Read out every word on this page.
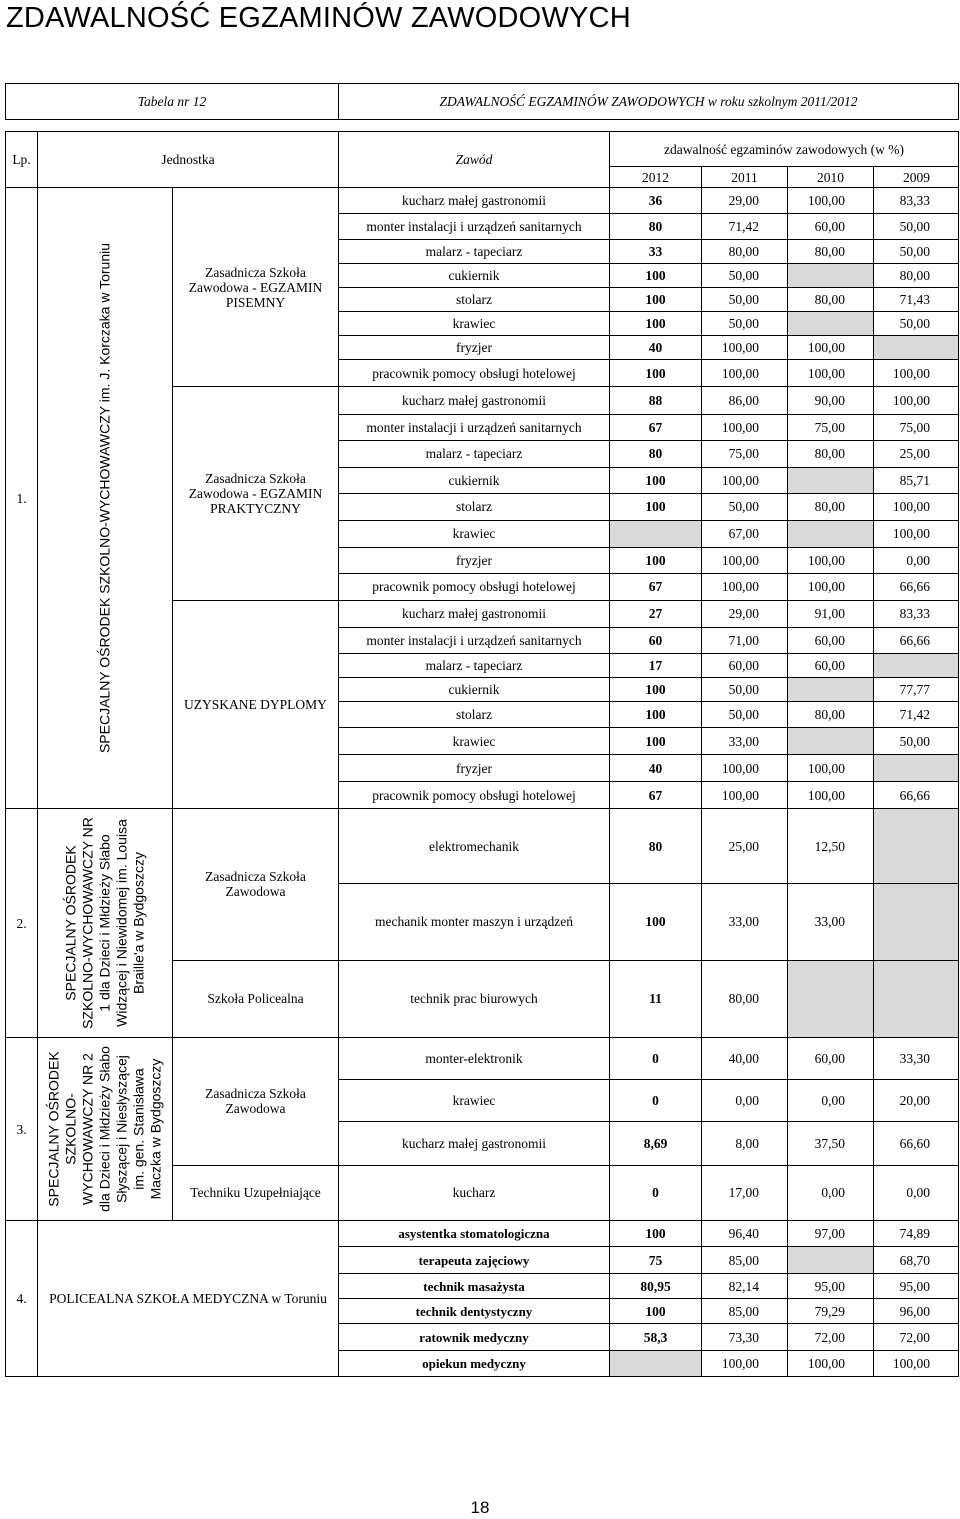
ZDAWALNOŚĆ EGZAMINÓW ZAWODOWYCH
Tabela nr 12			ZDAWALNOŚĆ EGZAMINÓW ZAWODOWYCH w roku szkolnym 2011/2012				

Lp.	Jednostka		Zawód	zdawalność egzaminów zawodowych (w %)			
				2012	2011	2010	2009
1.	SPECJALNY OŚRODEK SZKOLNO-WYCHOWAWCZY im. J. Korczaka w Toruniu	Zasadnicza Szkoła Zawodowa - EGZAMIN PISEMNY	kucharz małej gastronomii	36	29,00	100,00	83,33
			monter instalacji i urządzeń sanitarnych	80	71,42	60,00	50,00
			malarz - tapeciarz	33	80,00	80,00	50,00
			cukiernik	100	50,00		80,00
			stolarz	100	50,00	80,00	71,43
			krawiec	100	50,00		50,00
			fryzjer	40	100,00	100,00	
			pracownik pomocy obsługi hotelowej	100	100,00	100,00	100,00
		Zasadnicza Szkoła Zawodowa - EGZAMIN PRAKTYCZNY	kucharz małej gastronomii	88	86,00	90,00	100,00
			monter instalacji i urządzeń sanitarnych	67	100,00	75,00	75,00
			malarz - tapeciarz	80	75,00	80,00	25,00
			cukiernik	100	100,00		85,71
			stolarz	100	50,00	80,00	100,00
			krawiec		67,00		100,00
			fryzjer	100	100,00	100,00	0,00
			pracownik pomocy obsługi hotelowej	67	100,00	100,00	66,66
		UZYSKANE DYPLOMY	kucharz małej gastronomii	27	29,00	91,00	83,33
			monter instalacji i urządzeń sanitarnych	60	71,00	60,00	66,66
			malarz - tapeciarz	17	60,00	60,00	
			cukiernik	100	50,00		77,77
			stolarz	100	50,00	80,00	71,42
			krawiec	100	33,00		50,00
			fryzjer	40	100,00	100,00	
			pracownik pomocy obsługi hotelowej	67	100,00	100,00	66,66
2.	SPECJALNY OŚRODEK SZKOLNO-WYCHOWAWCZY NR 1 dla Dzieci i Młdzieży Słabo Widzącej i Niewidomej im. Louisa Braille'a w Bydgoszczy	Zasadnicza Szkoła Zawodowa	elektromechanik	80	25,00	12,50	
			mechanik monter maszyn i urządzeń	100	33,00	33,00	
		Szkoła Policealna	technik prac biurowych	11	80,00		
3.	SPECJALNY OŚRODEK SZKOLNO-WYCHOWAWCZY NR 2 dla Dzieci i Młdzieży Słabo Słyszącej i Niesłyszącej im. gen. Stanisława Maczka w Bydgoszczy	Zasadnicza Szkoła Zawodowa	monter-elektronik	0	40,00	60,00	33,30
			krawiec	0	0,00	0,00	20,00
			kucharz małej gastronomii	8,69	8,00	37,50	66,60
		Techniku Uzupełniające	kucharz	0	17,00	0,00	0,00
4.	POLICEALNA SZKOŁA MEDYCZNA w Toruniu		asystentka stomatologiczna	100	96,40	97,00	74,89
			terapeuta zajęciowy	75	85,00		68,70
			technik masażysta	80,95	82,14	95,00	95,00
			technik dentystyczny	100	85,00	79,29	96,00
			ratownik medyczny	58,3	73,30	72,00	72,00
			opiekun medyczny		100,00	100,00	100,00
18
